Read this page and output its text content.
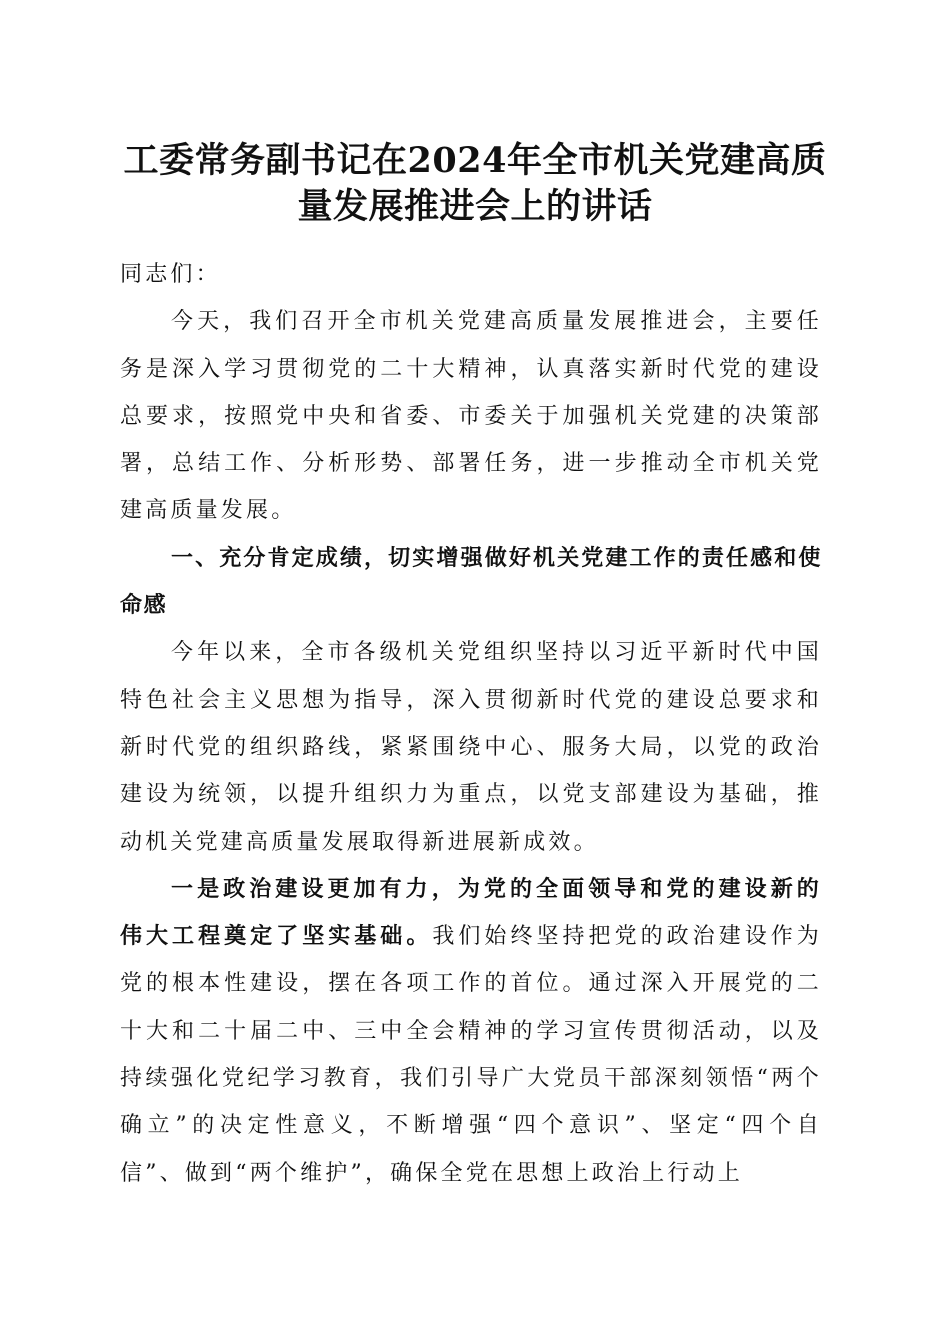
工委常务副书记在2024年全市机关党建高质
量发展推进会上的讲话

同志们：

今天，我们召开全市机关党建高质量发展推进会，主要任务是深入学习贯彻党的二十大精神，认真落实新时代党的建设总要求，按照党中央和省委、市委关于加强机关党建的决策部署，总结工作、分析形势、部署任务，进一步推动全市机关党建高质量发展。

一、充分肯定成绩，切实增强做好机关党建工作的责任感和使命感

今年以来，全市各级机关党组织坚持以习近平新时代中国特色社会主义思想为指导，深入贯彻新时代党的建设总要求和新时代党的组织路线，紧紧围绕中心、服务大局，以党的政治建设为统领，以提升组织力为重点，以党支部建设为基础，推动机关党建高质量发展取得新进展新成效。

一是政治建设更加有力，为党的全面领导和党的建设新的伟大工程奠定了坚实基础。我们始终坚持把党的政治建设作为党的根本性建设，摆在各项工作的首位。通过深入开展党的二十大和二十届二中、三中全会精神的学习宣传贯彻活动，以及持续强化党纪学习教育，我们引导广大党员干部深刻领悟“两个确立”的决定性意义，不断增强“四个意识”、坚定“四个自信”、做到“两个维护”，确保全党在思想上政治上行动上
